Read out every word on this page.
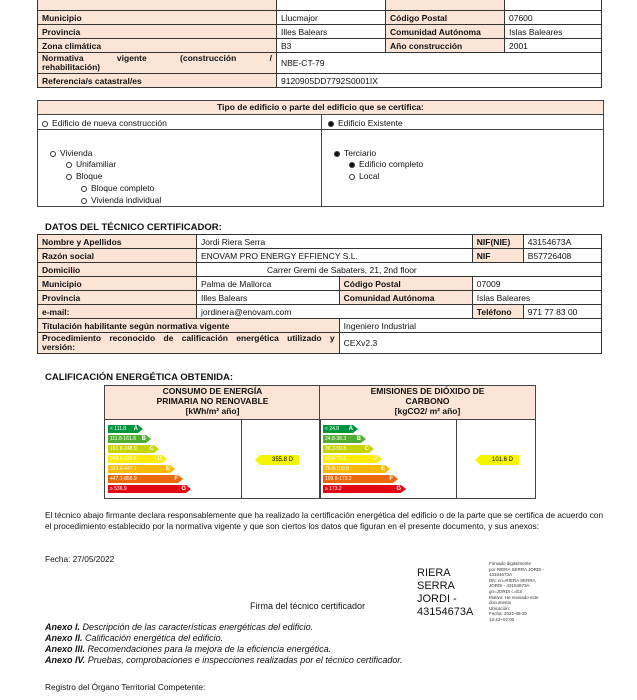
Municipio	Llucmajor	Código Postal	07600
Provincia	Illes Balears	Comunidad Autónoma	Islas Baleares
Zona climática	B3	Año construcción	2001

Normativa vigente (construcción /
rehabilitación)	NBE-CT-79		
Referencia/s catastral/es	9120905DD7792S0001IX		
Tipo de edificio o parte del edificio que se certifica:
Edificio de nueva construcción	Edificio Existente
Vivienda
Unifamiliar
Bloque
Bloque completo
Vivienda individual
Terciario
Edificio completo
Local
DATOS DEL TÉCNICO CERTIFICADOR:
Nombre y Apellidos	Jordi Riera Serra		NIF(NIE)	43154673A
Razón social	ENOVAM PRO ENERGY EFFIENCY S.L.		NIF	B57726408
Domicilio	Carrer Gremi de Sabaters, 21, 2nd floor			
Municipio	Palma de Mallorca	Código Postal	07009	
Provincia	Illes Balears	Comunidad Autónoma	Islas Baleares	
e-mail:	jordinera@enovam.com		Teléfono	971 77 83 00
Titulación habilitante según normativa vigente		Ingeniero Industrial		

Procedimiento reconocido de calificación energética utilizado y
versión:		CEXv2.3		
CALIFICACIÓN ENERGÉTICA OBTENIDA:
CONSUMO DE ENERGÍA
PRIMARIA NO RENOVABLE
[kWh/m² año]
< 111.8 A
111.8-161.8 B
161.8-248.9 C
248.9-323.6	D
323.6-447.1	E
447.1-856.9	F
≥ 536.9	G
355.8 D
EMISIONES DE DIÓXIDO DE
CARBONO
[kgCO2/ m² año]
< 24.8 A
24.8-38.3 B
38.3-59.8	C
59.8-78.8	D
78.8-109.8	E
109.8-173.2	F
≥ 173.2	G
101.6 D
El técnico abajo firmante declara responsablemente que ha realizado la certificación energética del edificio o de la parte que se certifica de acuerdo con el procedimiento establecido por la normativa vigente y que son ciertos los datos que figuran en el presente documento, y sus anexos:
Fecha: 27/05/2022
RIERA
SERRA
JORDI -
43154673A
Firmado digitalmente
por RIERA SERRA JORDI -
43154673A
DN: cn=RIERA SERRA
JORDI - 43154673A
gn=JORDI c=ES
Motivo: He revisado este
documento
Ubicación:
Fecha: 2022-05-30
13:43+02:00
Firma del técnico certificador
Anexo I. Descripción de las características energéticas del edificio.
Anexo II. Calificación energética del edificio.
Anexo III. Recomendaciones para la mejora de la eficiencia energética.
Anexo IV. Pruebas, comprobaciones e inspecciones realizadas por el técnico certificador.
Registro del Órgano Territorial Competente:
